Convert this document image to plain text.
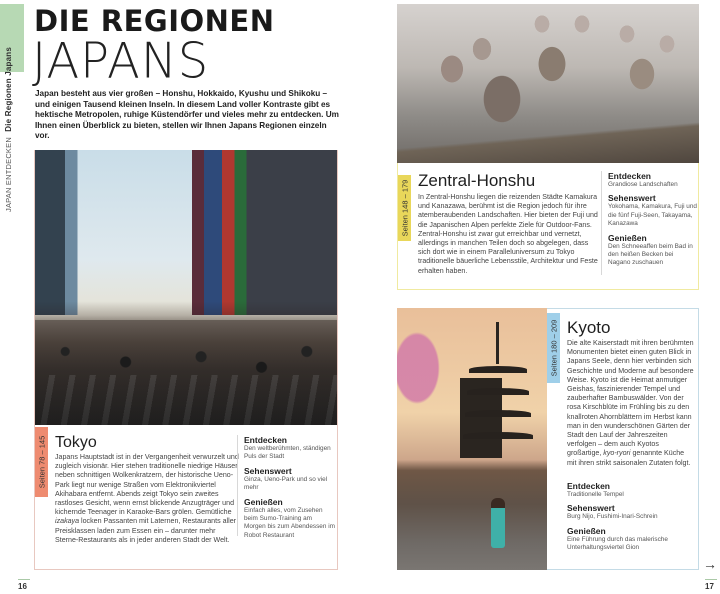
JAPAN ENTDECKEN Die Regionen Japans
DIE REGIONEN
JAPANS

Japan besteht aus vier großen – Honshu, Hokkaido, Kyushu und Shikoku – und einigen Tausend kleinen Inseln. In diesem Land voller Kontraste gibt es hektische Metropolen, ruhige Küstendörfer und vieles mehr zu entdecken. Um Ihnen einen Überblick zu bieten, stellen wir Ihnen Japans Regionen einzeln vor.

Seiten 78 – 145 Tokyo

Japans Hauptstadt ist in der Vergangenheit verwurzelt und zugleich visionär. Hier stehen traditionelle niedrige Häuser neben schnittigen Wolkenkratzern, der historische Ueno-Park liegt nur wenige Straßen vom Elektronikviertel Akihabara entfernt. Abends zeigt Tokyo sein zweites rastloses Gesicht, wenn ernst blickende Anzugträger und kichernde Teenager in Karaoke-Bars grölen. Gemütliche izakaya locken Passanten mit Laternen, Restaurants aller Preisklassen laden zum Essen ein – darunter mehr Sterne-Restaurants als in jeder anderen Stadt der Welt.

Entdecken

Den weltberühmten, ständigen Puls der Stadt

Sehenswert

Ginza, Ueno-Park und so viel mehr

Genießen

Einfach alles, vom Zusehen beim Sumo-Training am Morgen bis zum Abendessen im Robot Restaurant

16
Seiten 148 – 179 Zentral-Honshu

In Zentral-Honshu liegen die reizenden Städte Kamakura und Kanazawa, berühmt ist die Region jedoch für ihre atemberaubenden Landschaften. Hier bieten der Fuji und die Japanischen Alpen perfekte Ziele für Outdoor-Fans. Zentral-Honshu ist zwar gut erreichbar und vernetzt, allerdings in manchen Teilen doch so abgelegen, dass sich dort wie in einem Paralleluniversum zu Tokyo traditionelle bäuerliche Lebensstile, Architektur und Feste erhalten haben.

Entdecken

Grandiose Landschaften

Sehenswert

Yokohama, Kamakura, Fuji und die fünf Fuji-Seen, Takayama, Kanazawa

Genießen

Den Schneeaffen beim Bad in den heißen Becken bei Nagano zuschauen

Seiten 180 – 209 Kyoto

Die alte Kaiserstadt mit ihren berühmten Monumenten bietet einen guten Blick in Japans Seele, denn hier verbinden sich Geschichte und Moderne auf besondere Weise. Kyoto ist die Heimat anmutiger Geishas, faszinierender Tempel und zauberhafter Bambuswälder. Von der rosa Kirschblüte im Frühling bis zu den knallroten Ahornblättern im Herbst kann man in den wunderschönen Gärten der Stadt den Lauf der Jahreszeiten verfolgen – dem auch Kyotos großartige, kyo-ryori genannte Küche mit ihren strikt saisonalen Zutaten folgt.

Entdecken

Traditionelle Tempel

Sehenswert

Burg Nijo, Fushimi-Inari-Schrein

Genießen

Eine Führung durch das malerische Unterhaltungsviertel Gion

→
17
